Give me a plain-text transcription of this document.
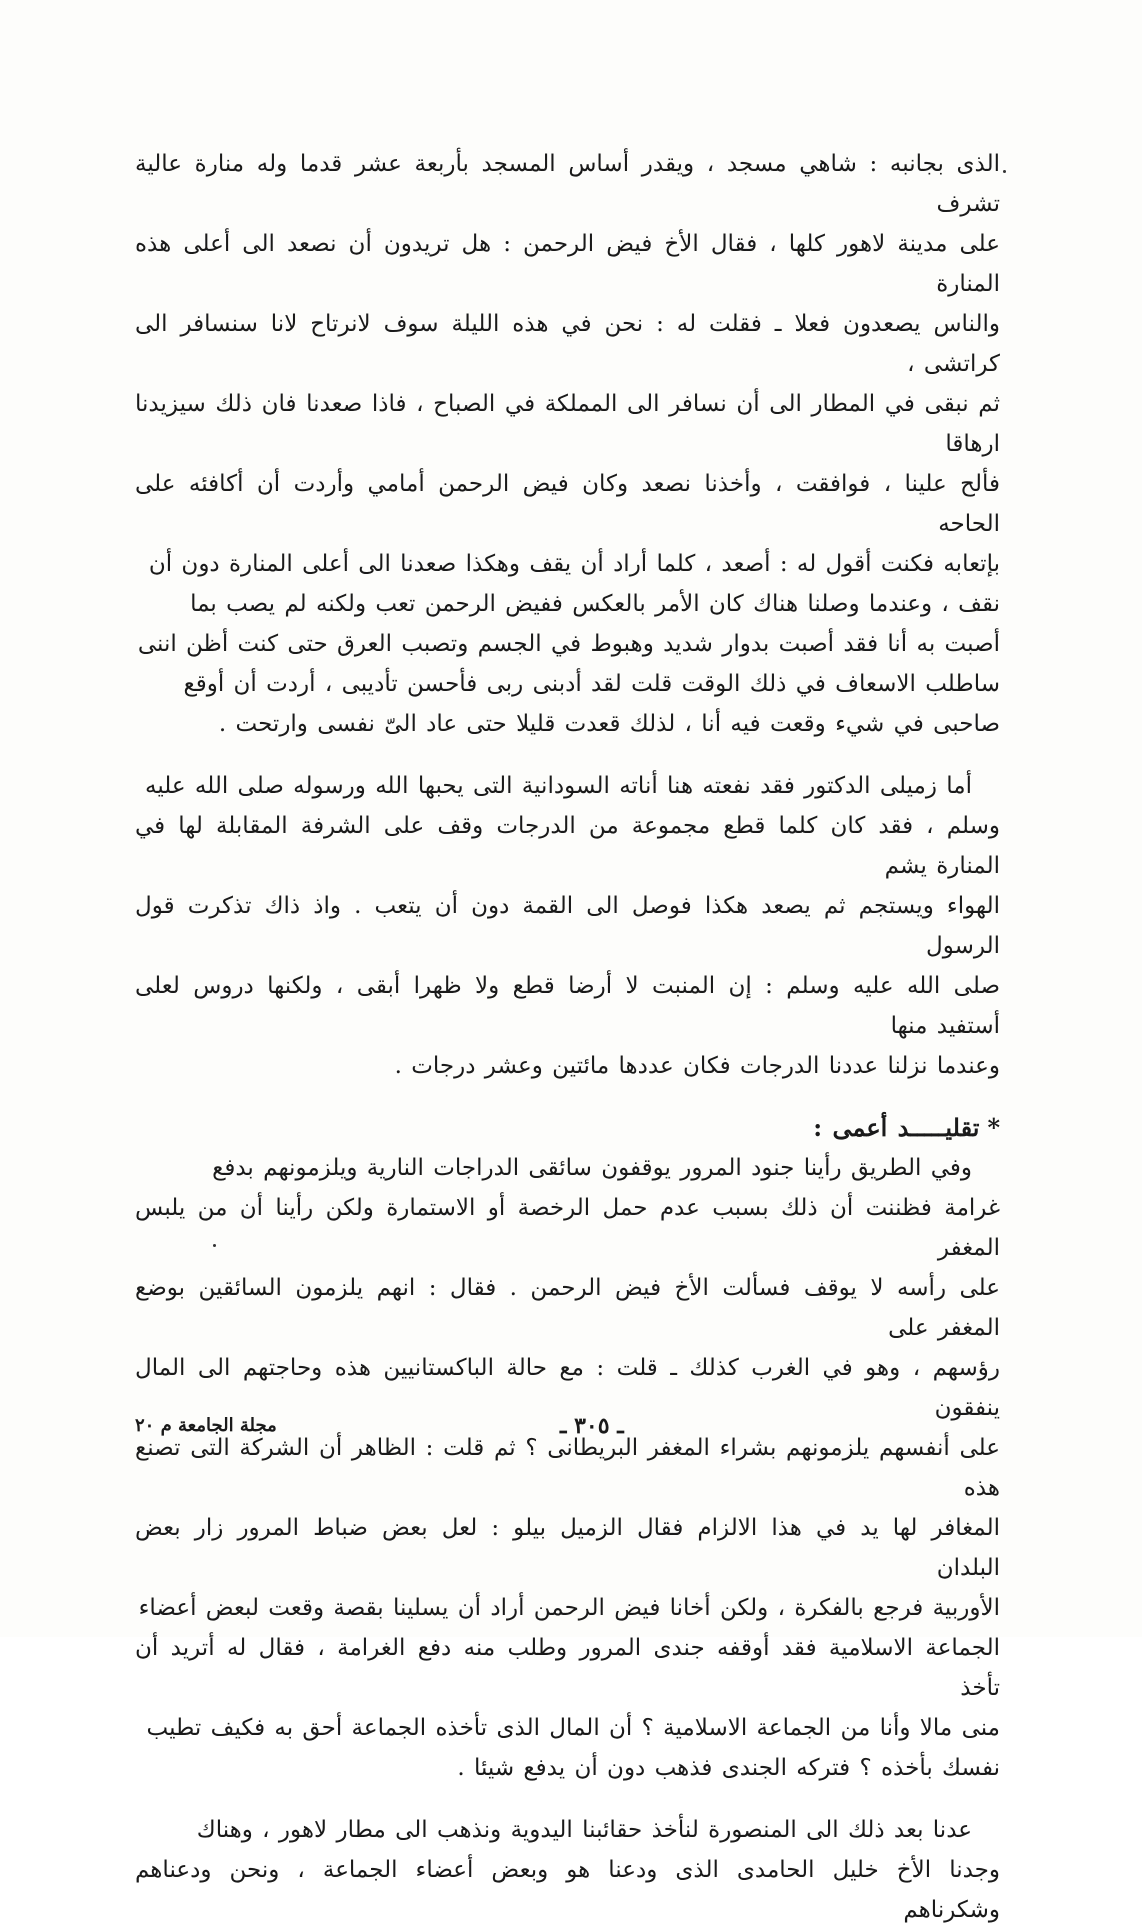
الذى بجانبه : شاهي مسجد ، ويقدر أساس المسجد بأربعة عشر قدما وله منارة عالية تشرف

على مدينة لاهور كلها ، فقال الأخ فيض الرحمن : هل تريدون أن نصعد الى أعلى هذه المنارة

والناس يصعدون فعلا ـ فقلت له : نحن في هذه الليلة سوف لانرتاح لانا سنسافر الى كراتشى ،

ثم نبقى في المطار الى أن نسافر الى المملكة في الصباح ، فاذا صعدنا فان ذلك سيزيدنا ارهاقا

فألح علينا ، فوافقت ، وأخذنا نصعد وكان فيض الرحمن أمامي وأردت أن أكافئه على الحاحه

بإتعابه فكنت أقول له : أصعد ، كلما أراد أن يقف وهكذا صعدنا الى أعلى المنارة دون أن

نقف ، وعندما وصلنا هناك كان الأمر بالعكس ففيض الرحمن تعب ولكنه لم يصب بما

أصبت به أنا فقد أصبت بدوار شديد وهبوط في الجسم وتصبب العرق حتى كنت أظن اننى

ساطلب الاسعاف في ذلك الوقت قلت لقد أدبنى ربى فأحسن تأديبى ، أردت أن أوقع

صاحبى في شيء وقعت فيه أنا ، لذلك قعدت قليلا حتى عاد الىّ نفسى وارتحت .

أما زميلى الدكتور فقد نفعته هنا أناته السودانية التى يحبها الله ورسوله صلى الله عليه

وسلم ، فقد كان كلما قطع مجموعة من الدرجات وقف على الشرفة المقابلة لها في المنارة يشم

الهواء ويستجم ثم يصعد هكذا فوصل الى القمة دون أن يتعب . واذ ذاك تذكرت قول الرسول

صلى الله عليه وسلم : إن المنبت لا أرضا قطع ولا ظهرا أبقى ، ولكنها دروس لعلى أستفيد منها

وعندما نزلنا عددنا الدرجات فكان عددها مائتين وعشر درجات .

*تقليـــــد أعمى :

وفي الطريق رأينا جنود المرور يوقفون سائقى الدراجات النارية ويلزمونهم بدفع

غرامة فظننت أن ذلك بسبب عدم حمل الرخصة أو الاستمارة ولكن رأينا أن من يلبس المغفر

على رأسه لا يوقف فسألت الأخ فيض الرحمن . فقال : انهم يلزمون السائقين بوضع المغفر على

رؤسهم ، وهو في الغرب كذلك ـ قلت : مع حالة الباكستانيين هذه وحاجتهم الى المال ينفقون

على أنفسهم يلزمونهم بشراء المغفر البريطانى ؟ ثم قلت : الظاهر أن الشركة التى تصنع هذه

المغافر لها يد في هذا الالزام فقال الزميل بيلو : لعل بعض ضباط المرور زار بعض البلدان

الأوربية فرجع بالفكرة ، ولكن أخانا فيض الرحمن أراد أن يسلينا بقصة وقعت لبعض أعضاء

الجماعة الاسلامية فقد أوقفه جندى المرور وطلب منه دفع الغرامة ، فقال له أتريد أن تأخذ

منى مالا وأنا من الجماعة الاسلامية ؟ أن المال الذى تأخذه الجماعة أحق به فكيف تطيب

نفسك بأخذه ؟ فتركه الجندى فذهب دون أن يدفع شيئا .

عدنا بعد ذلك الى المنصورة لنأخذ حقائبنا اليدوية ونذهب الى مطار لاهور ، وهناك

وجدنا الأخ خليل الحامدى الذى ودعنا هو وبعض أعضاء الجماعة ، ونحن ودعناهم وشكرناهم

ـ ٣٠٥ ـ
مجلة الجامعة م ٢٠
